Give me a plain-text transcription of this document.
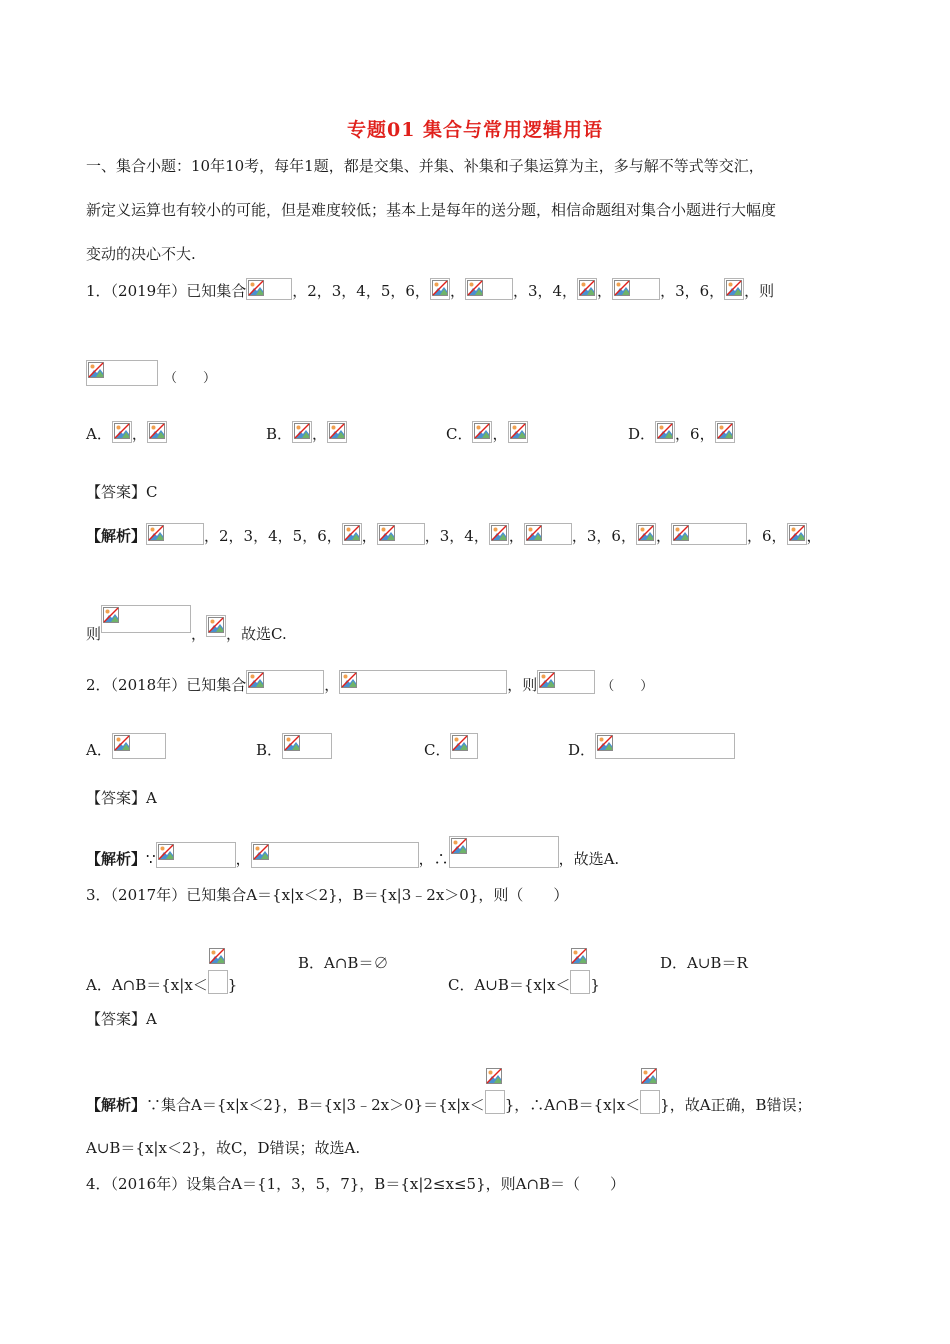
专题01 集合与常用逻辑用语
一、集合小题：10年10考，每年1题，都是交集、并集、补集和子集运算为主，多与解不等式等交汇，
新定义运算也有较小的可能，但是难度较低；基本上是每年的送分题，相信命题组对集合小题进行大幅度
变动的决心不大.
1．（2019年）已知集合	，2，3，4，5，6， ，	，3，4， ，	，3，6， ，则
（　　）
A． ，	B． ，	C． ，	D． ，6，
【答案】C
【解析】	，2，3，4，5，6， ，	，3，4， ，	，3，6， ，	，6， ，
则	， ，故选C.
2．（2018年）已知集合	，	，则	（　　）
A．	B．	C．	D．
【答案】A
【解析】∵	，	，∴	，故选A.
3．（2017年）已知集合A＝{x|x＜2}，B＝{x|3﹣2x＞0}，则（　　）
A．A∩B＝{x|x＜ }
B．A∩B＝∅
C．A∪B＝{x|x＜ }
D．A∪B＝R
【答案】A
【解析】∵集合A＝{x|x＜2}，B＝{x|3﹣2x＞0}＝{x|x＜ }，∴A∩B＝{x|x＜ }，故A正确，B错误；
A∪B＝{x|x＜2}，故C，D错误；故选A.
4．（2016年）设集合A＝{1，3，5，7}，B＝{x|2≤x≤5}，则A∩B＝（　　）
